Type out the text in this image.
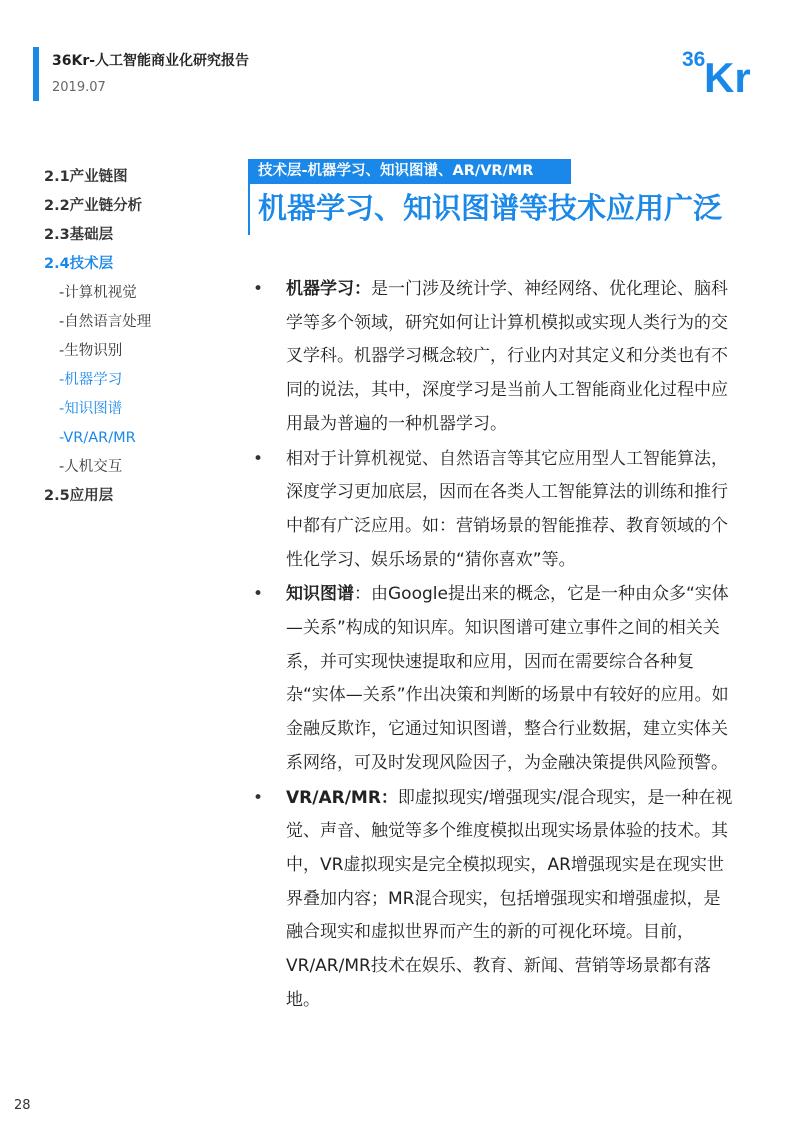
36Kr-人工智能商业化研究报告
2019.07
36
Kr
2.1产业链图
2.2产业链分析
2.3基础层
2.4技术层
-计算机视觉
-自然语言处理
-生物识别
-机器学习
-知识图谱
-VR/AR/MR
-人机交互
2.5应用层
技术层-机器学习、知识图谱、AR/VR/MR
机器学习、知识图谱等技术应用广泛
• 机器学习：是一门涉及统计学、神经网络、优化理论、脑科学等多个领域，研究如何让计算机模拟或实现人类行为的交叉学科。机器学习概念较广，行业内对其定义和分类也有不同的说法，其中，深度学习是当前人工智能商业化过程中应用最为普遍的一种机器学习。
• 相对于计算机视觉、自然语言等其它应用型人工智能算法，深度学习更加底层，因而在各类人工智能算法的训练和推行中都有广泛应用。如：营销场景的智能推荐、教育领域的个性化学习、娱乐场景的“猜你喜欢”等。
• 知识图谱：由Google提出来的概念，它是一种由众多“实体—关系”构成的知识库。知识图谱可建立事件之间的相关关系，并可实现快速提取和应用，因而在需要综合各种复杂“实体—关系”作出决策和判断的场景中有较好的应用。如金融反欺诈，它通过知识图谱，整合行业数据，建立实体关系网络，可及时发现风险因子，为金融决策提供风险预警。
• VR/AR/MR：即虚拟现实/增强现实/混合现实，是一种在视觉、声音、触觉等多个维度模拟出现实场景体验的技术。其中，VR虚拟现实是完全模拟现实，AR增强现实是在现实世界叠加内容；MR混合现实，包括增强现实和增强虚拟，是融合现实和虚拟世界而产生的新的可视化环境。目前，VR/AR/MR技术在娱乐、教育、新闻、营销等场景都有落地。
28
